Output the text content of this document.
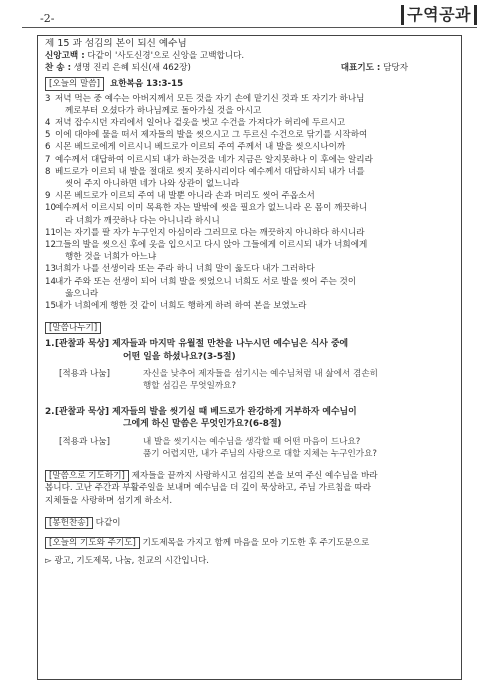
-2-	구역공과
제 15 과 섬김의 본이 되신 예수님
신앙고백 : 다같이 '사도신경'으로 신앙을 고백합니다.
찬 송 : 생명 진리 은혜 되신(새 462장)	대표기도 : 담당자
[오늘의 말씀]	요한복음 13:3-15
3 저녁 먹는 중 예수는 아버지께서 모든 것을 자기 손에 맡기신 것과 또 자기가 하나님
께로부터 오셨다가 하나님께로 돌아가실 것을 아시고
4 저녁 잡수시던 자리에서 일어나 겉옷을 벗고 수건을 가져다가 허리에 두르시고
5 이에 대야에 물을 떠서 제자들의 발을 씻으시고 그 두르신 수건으로 닦기를 시작하여
6 시몬 베드로에게 이르시니 베드로가 이르되 주여 주께서 내 발을 씻으시나이까
7 예수께서 대답하여 이르시되 내가 하는것을 네가 지금은 알지못하나 이 후에는 알리라
8 베드로가 이르되 내 발을 절대로 씻지 못하시리이다 예수께서 대답하시되 내가 너를
씻어 주지 아니하면 네가 나와 상관이 없느니라
9 시몬 베드로가 이르되 주여 내 발뿐 아니라 손과 머리도 씻어 주옵소서
10 예수께서 이르시되 이미 목욕한 자는 발밖에 씻을 필요가 없느니라 온 몸이 깨끗하니
라 너희가 깨끗하나 다는 아니니라 하시니
11 이는 자기를 팔 자가 누구인지 아심이라 그러므로 다는 깨끗하지 아니하다 하시니라
12 그들의 발을 씻으신 후에 옷을 입으시고 다시 앉아 그들에게 이르시되 내가 너희에게
행한 것을 너희가 아느냐
13 너희가 나를 선생이라 또는 주라 하니 너희 말이 옳도다 내가 그러하다
14 내가 주와 또는 선생이 되어 너희 발을 씻었으니 너희도 서로 발을 씻어 주는 것이
옳으니라
15 내가 너희에게 행한 것 같이 너희도 행하게 하려 하여 본을 보였노라
[말씀나누기]
1. [관찰과 묵상] 제자들과 마지막 유월절 만찬을 나누시던 예수님은 식사 중에
어떤 일을 하셨나요?(3-5절)
[적용과 나눔]	자신을 낮추어 제자들을 섬기시는 예수님처럼 내 삶에서 겸손히
행할 섬김은 무엇일까요?
2. [관찰과 묵상] 제자들의 발을 씻기실 때 베드로가 완강하게 거부하자 예수님이
그에게 하신 말씀은 무엇인가요?(6-8절)
[적용과 나눔]	내 발을 씻기시는 예수님을 생각할 때 어떤 마음이 드나요?
품기 어렵지만, 내가 주님의 사랑으로 대할 지체는 누구인가요?
[말씀으로 기도하기] 제자들을 끝까지 사랑하시고 섬김의 본을 보여 주신 예수님을 바라
봅니다. 고난 주간과 부활주일을 보내며 예수님을 더 깊이 묵상하고, 주님 가르침을 따라
지체들을 사랑하며 섬기게 하소서.
[봉헌찬송] 다같이
[오늘의 기도와 주기도] 기도제목을 가지고 함께 마음을 모아 기도한 후 주기도문으로
▻ 광고, 기도제목, 나눔, 친교의 시간입니다.
